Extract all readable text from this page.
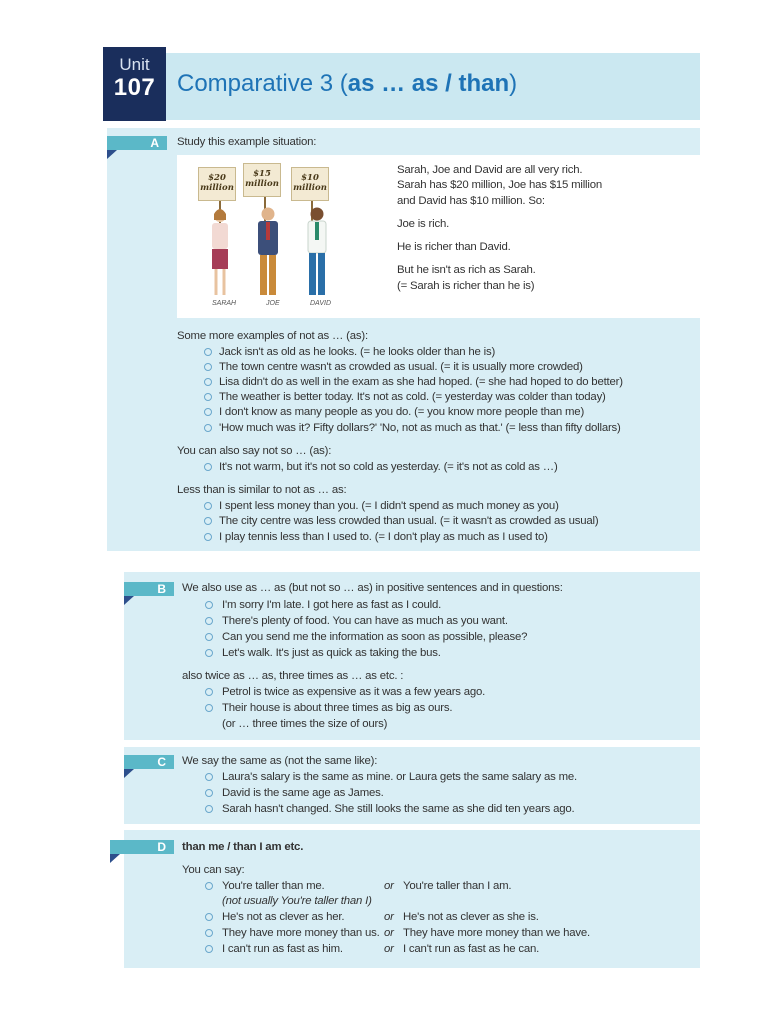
Unit
107 Comparative 3 (as … as / than)
A	Study this example situation:
$20 million
$15 million
$10 million
SARAH	JOE	DAVID
Sarah, Joe and David are all very rich.
Sarah has $20 million, Joe has $15 million
and David has $10 million. So:
Joe is rich.
He is richer than David.
But he isn't as rich as Sarah.
(= Sarah is richer than he is)
Some more examples of not as … (as):
Jack isn't as old as he looks. (= he looks older than he is)
The town centre wasn't as crowded as usual. (= it is usually more crowded)
Lisa didn't do as well in the exam as she had hoped. (= she had hoped to do better)
The weather is better today. It's not as cold. (= yesterday was colder than today)
I don't know as many people as you do. (= you know more people than me)
'How much was it? Fifty dollars?' 'No, not as much as that.' (= less than fifty dollars)
You can also say not so … (as):
It's not warm, but it's not so cold as yesterday. (= it's not as cold as …)
Less than is similar to not as … as:
I spent less money than you. (= I didn't spend as much money as you)
The city centre was less crowded than usual. (= it wasn't as crowded as usual)
I play tennis less than I used to. (= I don't play as much as I used to)
B	We also use as … as (but not so … as) in positive sentences and in questions:
I'm sorry I'm late. I got here as fast as I could.
There's plenty of food. You can have as much as you want.
Can you send me the information as soon as possible, please?
Let's walk. It's just as quick as taking the bus.
also twice as … as, three times as … as etc. :
Petrol is twice as expensive as it was a few years ago.
Their house is about three times as big as ours.
(or … three times the size of ours)
C	We say the same as (not the same like):
Laura's salary is the same as mine. or Laura gets the same salary as me.
David is the same age as James.
Sarah hasn't changed. She still looks the same as she did ten years ago.
D	than me / than I am etc.
You can say:
You're taller than me.	or You're taller than I am.
(not usually You're taller than I)
He's not as clever as her.	or He's not as clever as she is.
They have more money than us. or They have more money than we have.
I can't run as fast as him.	or I can't run as fast as he can.
